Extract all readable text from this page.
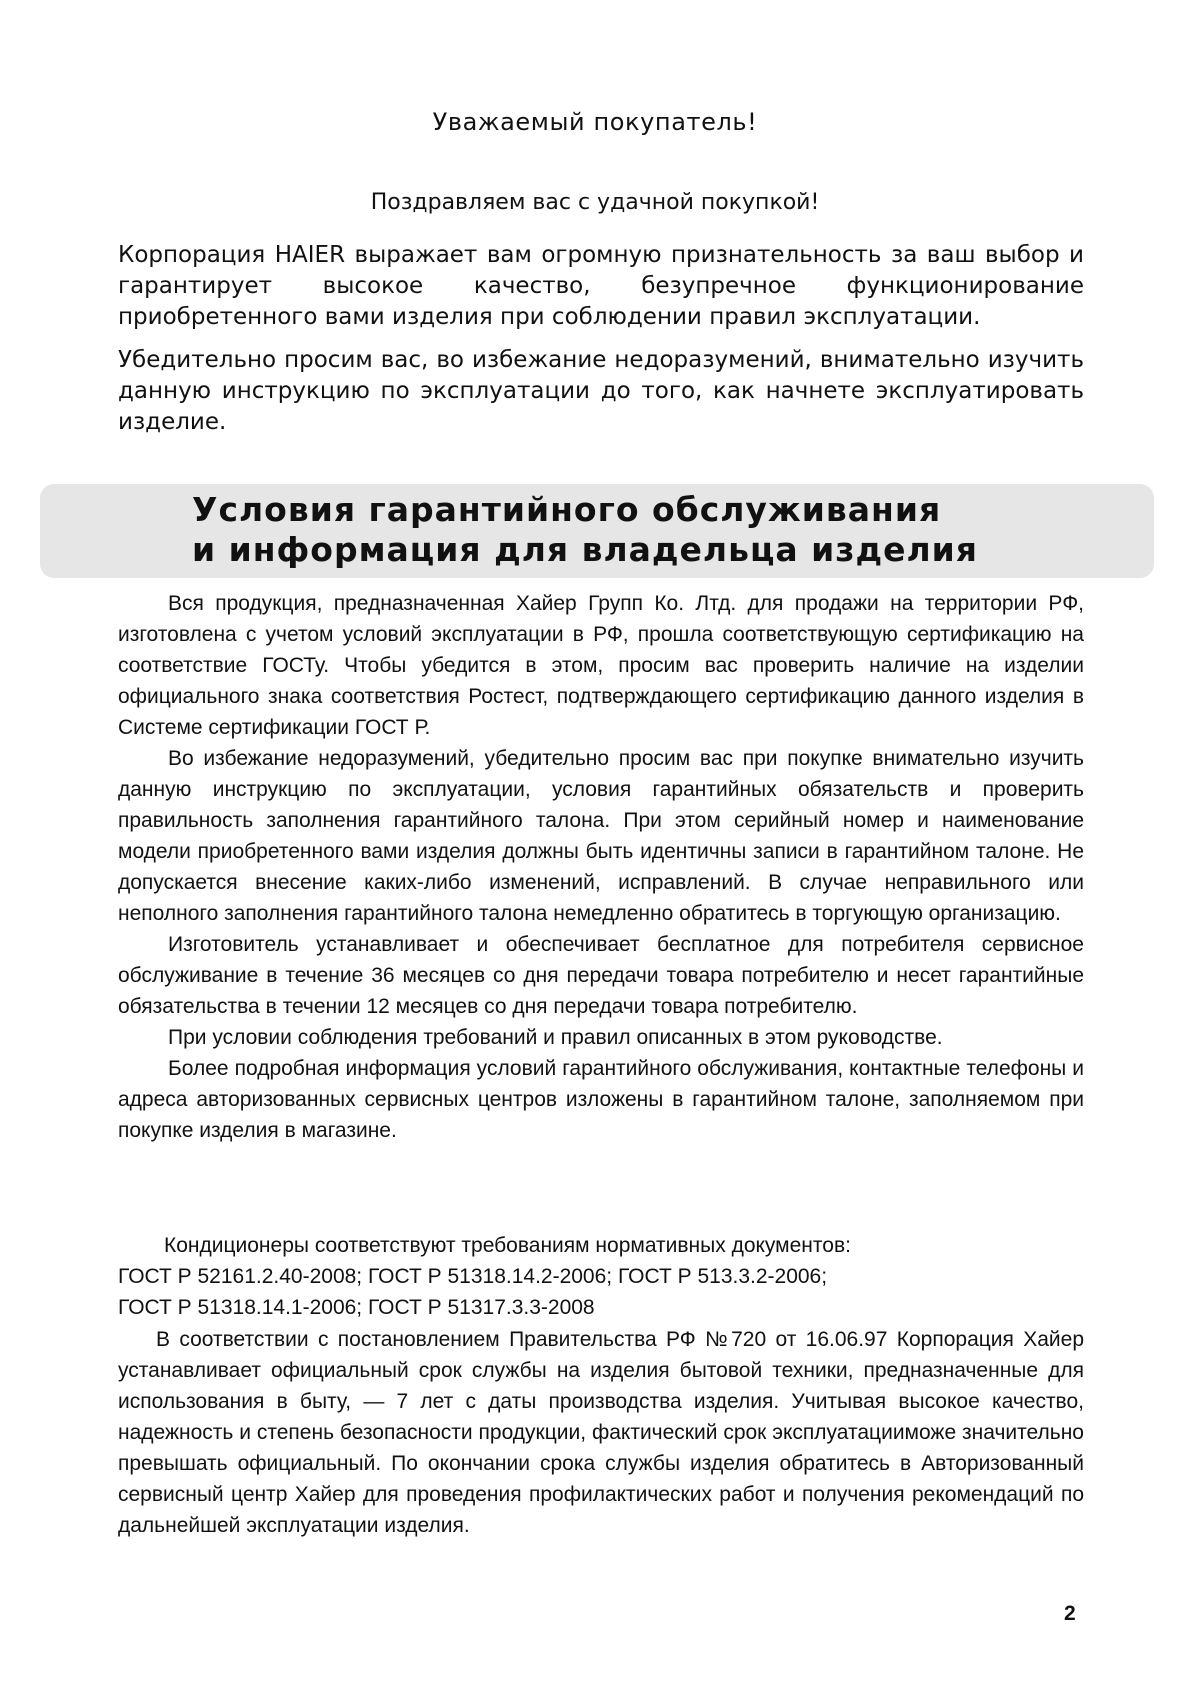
Уважаемый покупатель!
Поздравляем вас с удачной покупкой!

Корпорация HAIER выражает вам огромную признательность за ваш выбор и гарантирует высокое качество, безупречное функционирование приобретенного вами изделия при соблюдении правил эксплуатации.

Убедительно просим вас, во избежание недоразумений, внимательно изучить данную инструкцию по эксплуатации до того, как начнете эксплуатировать изделие.

Условия гарантийного обслуживания
и информация для владельца изделия

Вся продукция, предназначенная Хайер Групп Ко. Лтд. для продажи на территории РФ, изготовлена с учетом условий эксплуатации в РФ, прошла соответствующую сертификацию на соответствие ГОСТу. Чтобы убедится в этом, просим вас проверить наличие на изделии официального знака соответствия Ростест, подтверждающего сертификацию данного изделия в Системе сертификации ГОСТ Р.

Во избежание недоразумений, убедительно просим вас при покупке внимательно изучить данную инструкцию по эксплуатации, условия гарантийных обязательств и проверить правильность заполнения гарантийного талона. При этом серийный номер и наименование модели приобретенного вами изделия должны быть идентичны записи в гарантийном талоне. Не допускается внесение каких-либо изменений, исправлений. В случае неправильного или неполного заполнения гарантийного талона немедленно обратитесь в торгующую организацию.

Изготовитель устанавливает и обеспечивает бесплатное для потребителя сервисное обслуживание в течение 36 месяцев со дня передачи товара потребителю и несет гарантийные обязательства в течении 12 месяцев со дня передачи товара потребителю.

При условии соблюдения требований и правил описанных в этом руководстве.

Более подробная информация условий гарантийного обслуживания, контактные телефоны и адреса авторизованных сервисных центров изложены в гарантийном талоне, заполняемом при покупке изделия в магазине.

Кондиционеры соответствуют требованиям нормативных документов:
ГОСТ Р 52161.2.40-2008; ГОСТ Р 51318.14.2-2006; ГОСТ Р 513.3.2-2006;
ГОСТ Р 51318.14.1-2006; ГОСТ Р 51317.3.3-2008

В соответствии с постановлением Правительства РФ №720 от 16.06.97 Корпорация Хайер устанавливает официальный срок службы на изделия бытовой техники, предназначенные для использования в быту, — 7 лет с даты производства изделия. Учитывая высокое качество, надежность и степень безопасности продукции, фактический срок эксплуатацииможе значительно превышать официальный. По окончании срока службы изделия обратитесь в Авторизованный сервисный центр Хайер для проведения профилактических работ и получения рекомендаций по дальнейшей эксплуатации изделия.

2
